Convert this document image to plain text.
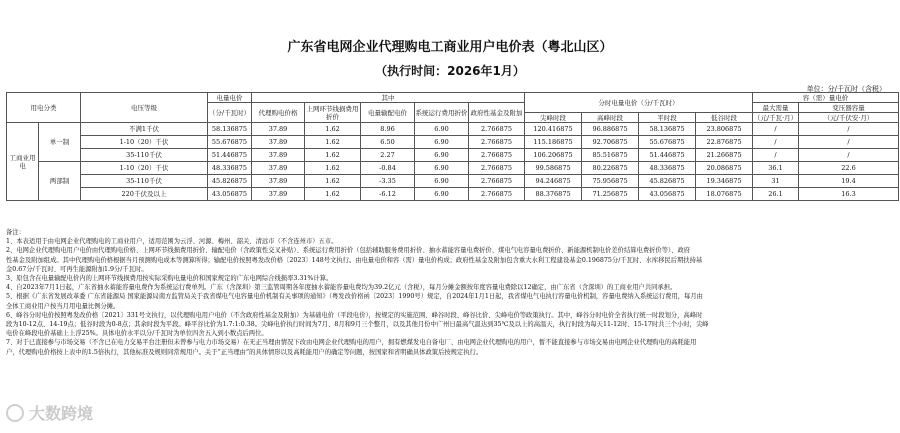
广东省电网企业代理购电工商业用户电价表（粤北山区）
（执行时间：2026年1月）
单位：分/千瓦时（含税）
用电分类		电压等级	电量电价	其中					分时电量电价（分/千瓦时）				容（需）量电价	
			（分/千瓦时）	代理购电价格	上网环节线损费用折价	电量输配电价	系统运行费用折价	政府性基金及附加					最大需量	变压器容量
									尖峰时段	高峰时段	平时段	低谷时段	（元/千瓦·月）	（元/千伏安·月）

工商业用电	单一制	不满1千伏	58.136875	37.89	1.62	8.96	6.90	2.766875	120.416875	96.886875	58.136875	23.806875	/	/
		1-10（20）千伏	55.676875	37.89	1.62	6.50	6.90	2.766875	115.186875	92.706875	55.676875	22.876875	/	/
		35-110千伏	51.446875	37.89	1.62	2.27	6.90	2.766875	106.206875	85.516875	51.446875	21.266875	/	/
	两部制	1-10（20）千伏	48.336875	37.89	1.62	-0.84	6.90	2.766875	99.586875	80.226875	48.336875	20.086875	36.1	22.6
		35-110千伏	45.826875	37.89	1.62	-3.35	6.90	2.766875	94.246875	75.956875	45.826875	19.346875	31	19.4
		220千伏及以上	43.056875	37.89	1.62	-6.12	6.90	2.766875	88.376875	71.256875	43.056875	18.076875	26.1	16.3
备注：
1、本表适用于由电网企业代理购电的工商业用户，适用范围为云浮、河源、梅州、韶关、清远市（不含连州市）五市。
2、电网企业代理购电用户电价由代理购电价格、上网环节线损费用折价、输配电价（含政策性交叉补贴）、系统运行费用折价（包括辅助服务费用折价、抽水蓄能容量电费折价、煤电气电容量电费折价、新能源机制电价差价结算电费折价等）、政府
性基金及附加组成。其中代理购电价格根据当月预测购电成本等测算所得；输配电价按照粤发改价格〔2023〕148号文执行。由电量电价和容（需）量电价构成；政府性基金及附加包含重大水利工程建设基金0.196875分/千瓦时、水库移民后期扶持基
金0.67分/千瓦时、可再生能源附加1.9分/千瓦时。
3、原包含在电量输配电价内的上网环节线损费用按实际采购电量电价和国家规定的广东电网综合线损率3.31%计算。
4、自2023年7月1日起，广东省抽水蓄能容量电费作为系统运行费单列。广东（含深圳）第三监管周期各年度抽水蓄能容量电费均为39.2亿元（含税），每月分摊金额按年度容量电费除以12确定，由广东省（含深圳）的工商业用户共同承担。
5、根据《广东省发展改革委 广东省能源局 国家能源局南方监管局关于我省煤电气电容量电价机制有关事项的通知》（粤发改价格函〔2023〕1990号）规定，自2024年1月1日起，我省煤电气电执行容量电价机制，容量电费纳入系统运行费用，每月由
全体工商业用户按当月用电量比例分摊。
6、峰谷分时电价按照粤发改价格〔2021〕331号文执行，以代理购电用户电价（不含政府性基金及附加）为基础电价（平段电价），按规定的实施范围、峰谷时段、峰谷比价、尖峰电价等政策执行。其中，峰谷分时电价全省执行统一时段划分，高峰时
段为10-12点、14-19点；低谷时段为0-8点；其余时段为平段。峰平谷比价为1.7:1:0.38。尖峰电价执行时间为7月、8月和9月三个整月，以及其他月份中广州日最高气温达到35℃及以上的高温天，执行时段为每天11-12时、15-17时共三个小时，尖峰
电价在峰段电价基础上上浮25%。具体电价水平以分/千瓦时为单位四舍五入到小数点后两位。
7、对于已直接参与市场交易（不含已在电力交易平台注册但未曾参与电力市场交易）在无正当理由情况下改由电网企业代理购电的用户，拥有燃煤发电自备电厂、由电网企业代理购电的用户，暂不能直接参与市场交易由电网企业代理购电的高耗能用
户，代理购电价格按上表中的1.5倍执行，其他标准及规则同常规用户。关于“正当理由”的具体情形以及高耗能用户的确定等问题，按国家和省明确具体政策后按规定执行。
大数跨境
